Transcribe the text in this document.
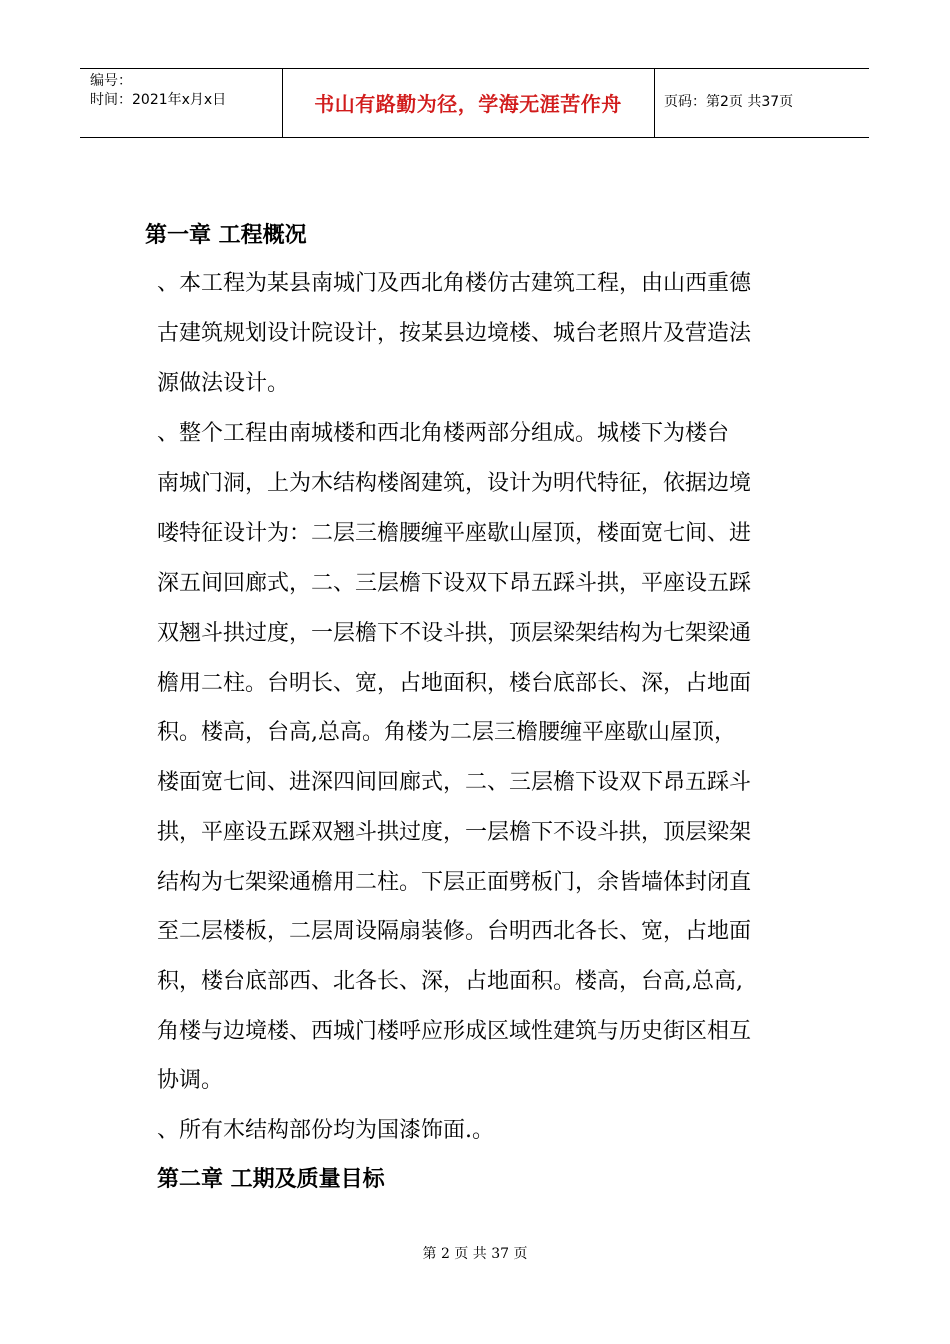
编号：
时间：2021年x月x日	书山有路勤为径，学海无涯苦作舟	页码：第2页 共37页
第一章 工程概况
、本工程为某县南城门及西北角楼仿古建筑工程，由山西重德
古建筑规划设计院设计，按某县边境楼、城台老照片及营造法
源做法设计。
、整个工程由南城楼和西北角楼两部分组成。城楼下为楼台
南城门洞，上为木结构楼阁建筑，设计为明代特征，依据边境
喽特征设计为：二层三檐腰缠平座歇山屋顶，楼面宽七间、进
深五间回廊式，二、三层檐下设双下昂五踩斗拱，平座设五踩
双翘斗拱过度，一层檐下不设斗拱，顶层梁架结构为七架梁通
檐用二柱。台明长、宽，占地面积，楼台底部长、深，占地面
积。楼高，台高,总高。角楼为二层三檐腰缠平座歇山屋顶，
楼面宽七间、进深四间回廊式，二、三层檐下设双下昂五踩斗
拱，平座设五踩双翘斗拱过度，一层檐下不设斗拱，顶层梁架
结构为七架梁通檐用二柱。下层正面劈板门，余皆墙体封闭直
至二层楼板，二层周设隔扇装修。台明西北各长、宽，占地面
积，楼台底部西、北各长、深，占地面积。楼高，台高,总高,
角楼与边境楼、西城门楼呼应形成区域性建筑与历史街区相互
协调。
、所有木结构部份均为国漆饰面.。
第二章 工期及质量目标
第 2 页 共 37 页
